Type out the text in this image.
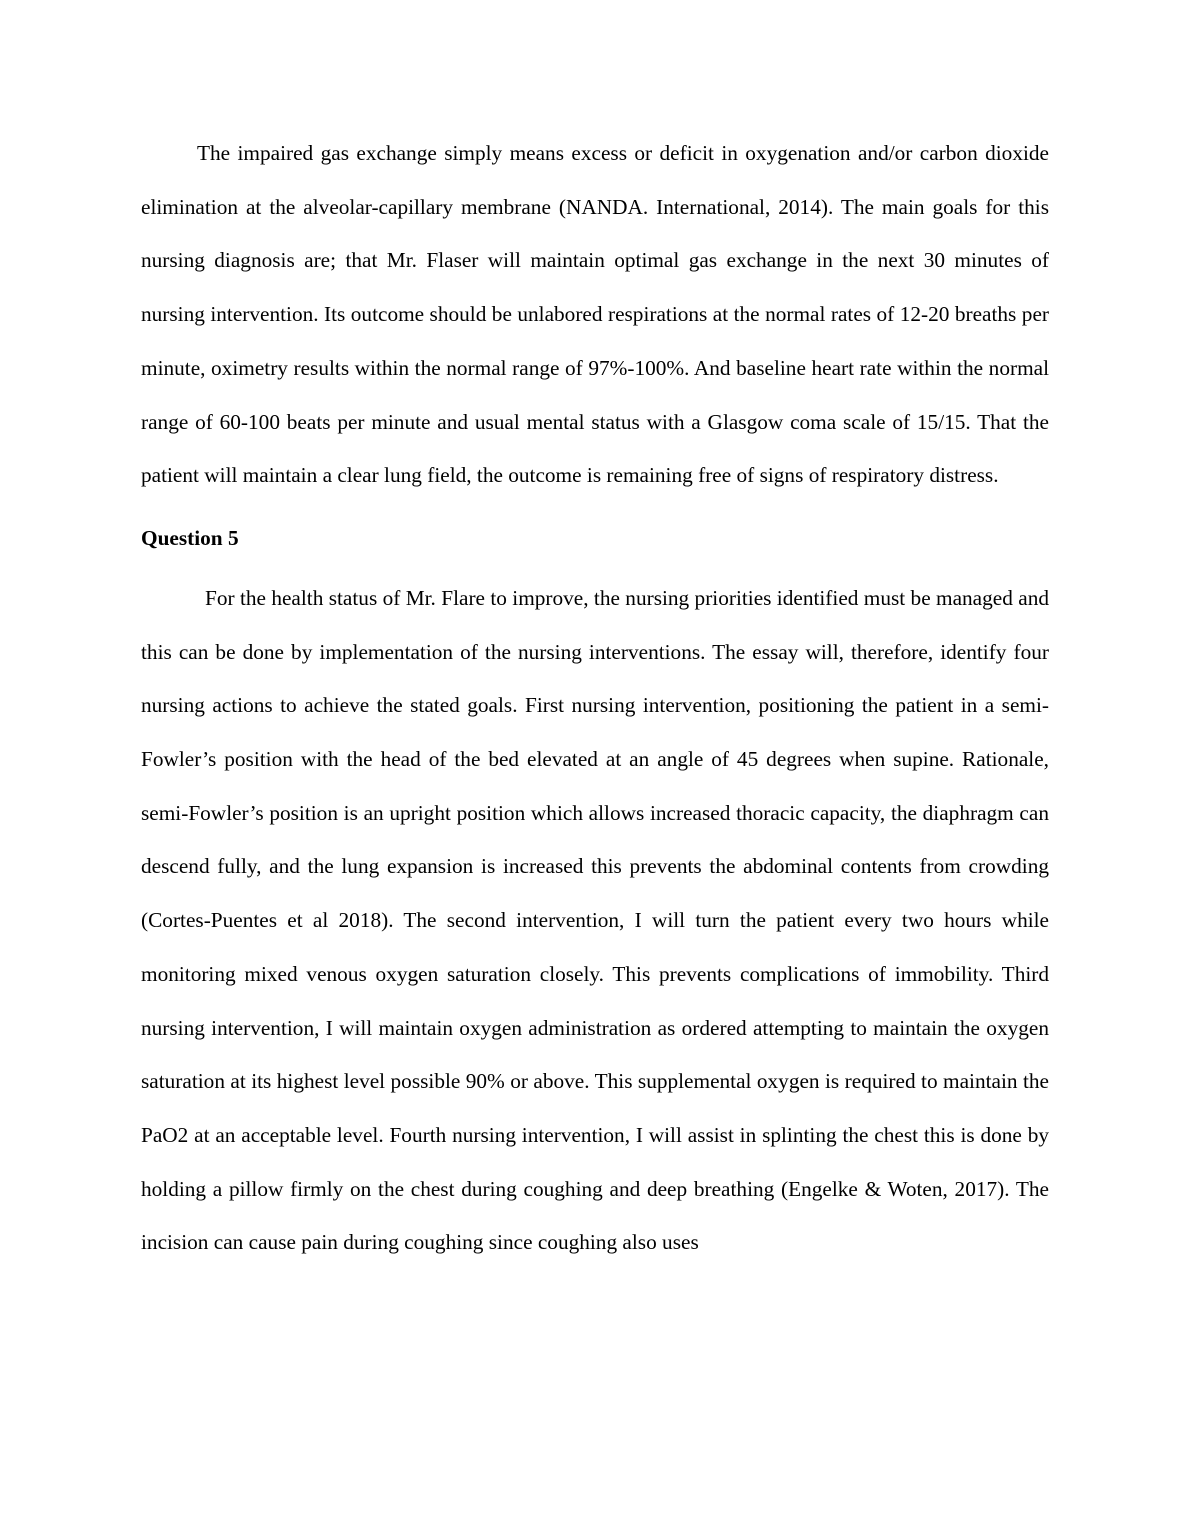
The impaired gas exchange simply means excess or deficit in oxygenation and/or carbon dioxide elimination at the alveolar-capillary membrane (NANDA. International, 2014). The main goals for this nursing diagnosis are; that Mr. Flaser will maintain optimal gas exchange in the next 30 minutes of nursing intervention. Its outcome should be unlabored respirations at the normal rates of 12-20 breaths per minute, oximetry results within the normal range of 97%-100%. And baseline heart rate within the normal range of 60-100 beats per minute and usual mental status with a Glasgow coma scale of 15/15. That the patient will maintain a clear lung field, the outcome is remaining free of signs of respiratory distress.

Question 5

For the health status of Mr. Flare to improve, the nursing priorities identified must be managed and this can be done by implementation of the nursing interventions. The essay will, therefore, identify four nursing actions to achieve the stated goals. First nursing intervention, positioning the patient in a semi-Fowler’s position with the head of the bed elevated at an angle of 45 degrees when supine. Rationale, semi-Fowler’s position is an upright position which allows increased thoracic capacity, the diaphragm can descend fully, and the lung expansion is increased this prevents the abdominal contents from crowding (Cortes-Puentes et al 2018). The second intervention, I will turn the patient every two hours while monitoring mixed venous oxygen saturation closely. This prevents complications of immobility. Third nursing intervention, I will maintain oxygen administration as ordered attempting to maintain the oxygen saturation at its highest level possible 90% or above. This supplemental oxygen is required to maintain the PaO2 at an acceptable level. Fourth nursing intervention, I will assist in splinting the chest this is done by holding a pillow firmly on the chest during coughing and deep breathing (Engelke & Woten, 2017). The incision can cause pain during coughing since coughing also uses
